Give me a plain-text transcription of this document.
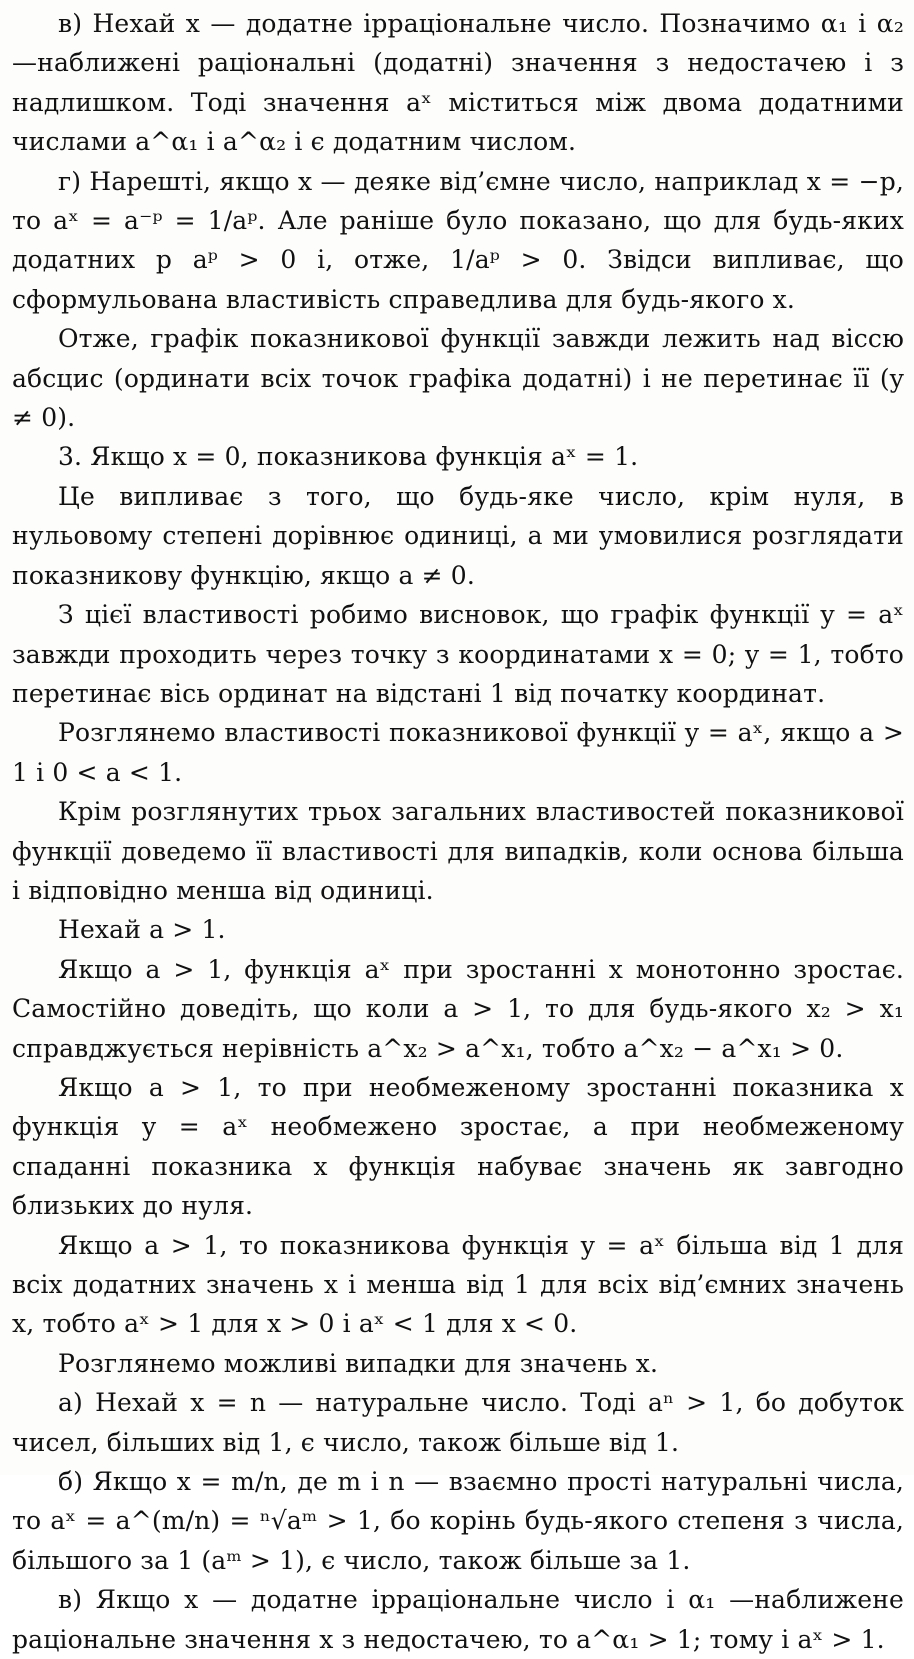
в) Нехай x — додатне ірраціональне число. Позначимо α₁ і α₂ —наближені раціональні (додатні) значення з недостачею і з надлишком. Тоді значення aˣ міститься між двома додатними числами a^α₁ і a^α₂ і є додатним числом.

г) Нарешті, якщо x — деяке від’ємне число, наприклад x = −p, то aˣ = a⁻ᵖ = 1/aᵖ. Але раніше було показано, що для будь-яких додатних p aᵖ > 0 і, отже, 1/aᵖ > 0. Звідси випливає, що сформульована властивість справедлива для будь-якого x.

Отже, графік показникової функції завжди лежить над віссю абсцис (ординати всіх точок графіка додатні) і не перетинає її (y ≠ 0).

3. Якщо x = 0, показникова функція aˣ = 1.

Це випливає з того, що будь-яке число, крім нуля, в нульовому степені дорівнює одиниці, а ми умовилися розглядати показникову функцію, якщо a ≠ 0.

З цієї властивості робимо висновок, що графік функції y = aˣ завжди проходить через точку з координатами x = 0; y = 1, тобто перетинає вісь ординат на відстані 1 від початку координат.

Розглянемо властивості показникової функції y = aˣ, якщо a > 1 і 0 < a < 1.

Крім розглянутих трьох загальних властивостей показникової функції доведемо її властивості для випадків, коли основа більша і відповідно менша від одиниці.

Нехай a > 1.

Якщо a > 1, функція aˣ при зростанні x монотонно зростає. Самостійно доведіть, що коли a > 1, то для будь-якого x₂ > x₁ справджується нерівність a^x₂ > a^x₁, тобто a^x₂ − a^x₁ > 0.

Якщо a > 1, то при необмеженому зростанні показника x функція y = aˣ необмежено зростає, а при необмеженому спаданні показника x функція набуває значень як завгодно близьких до нуля.

Якщо a > 1, то показникова функція y = aˣ більша від 1 для всіх додатних значень x і менша від 1 для всіх від’ємних значень x, тобто aˣ > 1 для x > 0 і aˣ < 1 для x < 0.

Розглянемо можливі випадки для значень x.

а) Нехай x = n — натуральне число. Тоді aⁿ > 1, бо добуток чисел, більших від 1, є число, також більше від 1.

б) Якщо x = m/n, де m і n — взаємно прості натуральні числа, то aˣ = a^(m/n) = ⁿ√aᵐ > 1, бо корінь будь-якого степеня з числа, більшого за 1 (aᵐ > 1), є число, також більше за 1.

в) Якщо x — додатне ірраціональне число і α₁ —наближене раціональне значення x з недостачею, то a^α₁ > 1; тому і aˣ > 1.
